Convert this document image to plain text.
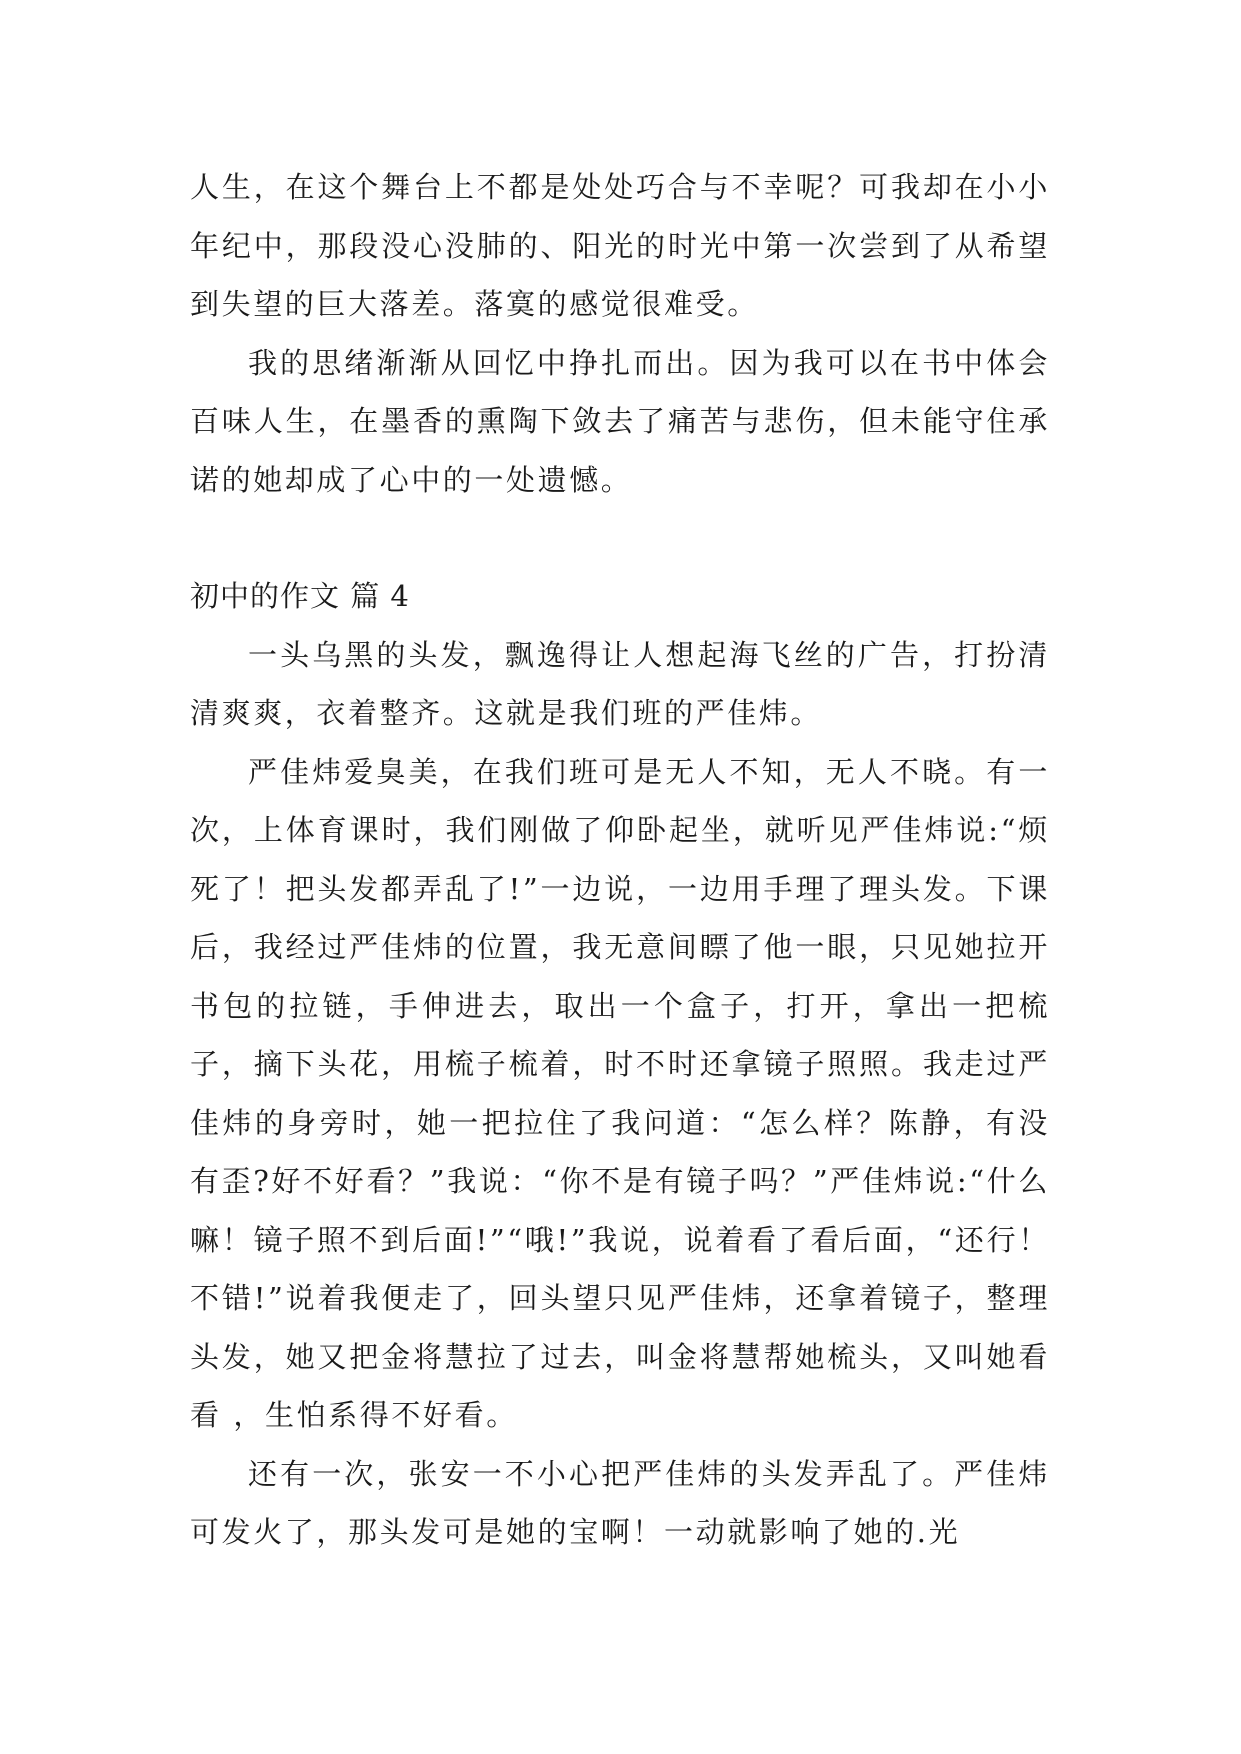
人生，在这个舞台上不都是处处巧合与不幸呢？可我却在小小年纪中，那段没心没肺的、阳光的时光中第一次尝到了从希望到失望的巨大落差。落寞的感觉很难受。

我的思绪渐渐从回忆中挣扎而出。因为我可以在书中体会百味人生，在墨香的熏陶下敛去了痛苦与悲伤，但未能守住承诺的她却成了心中的一处遗憾。

初中的作文 篇 4

一头乌黑的头发，飘逸得让人想起海飞丝的广告，打扮清清爽爽，衣着整齐。这就是我们班的严佳炜。

严佳炜爱臭美，在我们班可是无人不知，无人不晓。有一次，上体育课时，我们刚做了仰卧起坐，就听见严佳炜说:“烦死了！把头发都弄乱了!”一边说，一边用手理了理头发。下课后，我经过严佳炜的位置，我无意间瞟了他一眼，只见她拉开书包的拉链，手伸进去，取出一个盒子，打开，拿出一把梳子，摘下头花，用梳子梳着，时不时还拿镜子照照。我走过严佳炜的身旁时，她一把拉住了我问道：“怎么样？陈静，有没有歪?好不好看？”我说：“你不是有镜子吗？”严佳炜说:“什么嘛！镜子照不到后面!”“哦!”我说，说着看了看后面，“还行！不错!”说着我便走了，回头望只见严佳炜，还拿着镜子，整理头发，她又把金将慧拉了过去，叫金将慧帮她梳头，又叫她看看 ，生怕系得不好看。

还有一次，张安一不小心把严佳炜的头发弄乱了。严佳炜可发火了，那头发可是她的宝啊！一动就影响了她的.光
